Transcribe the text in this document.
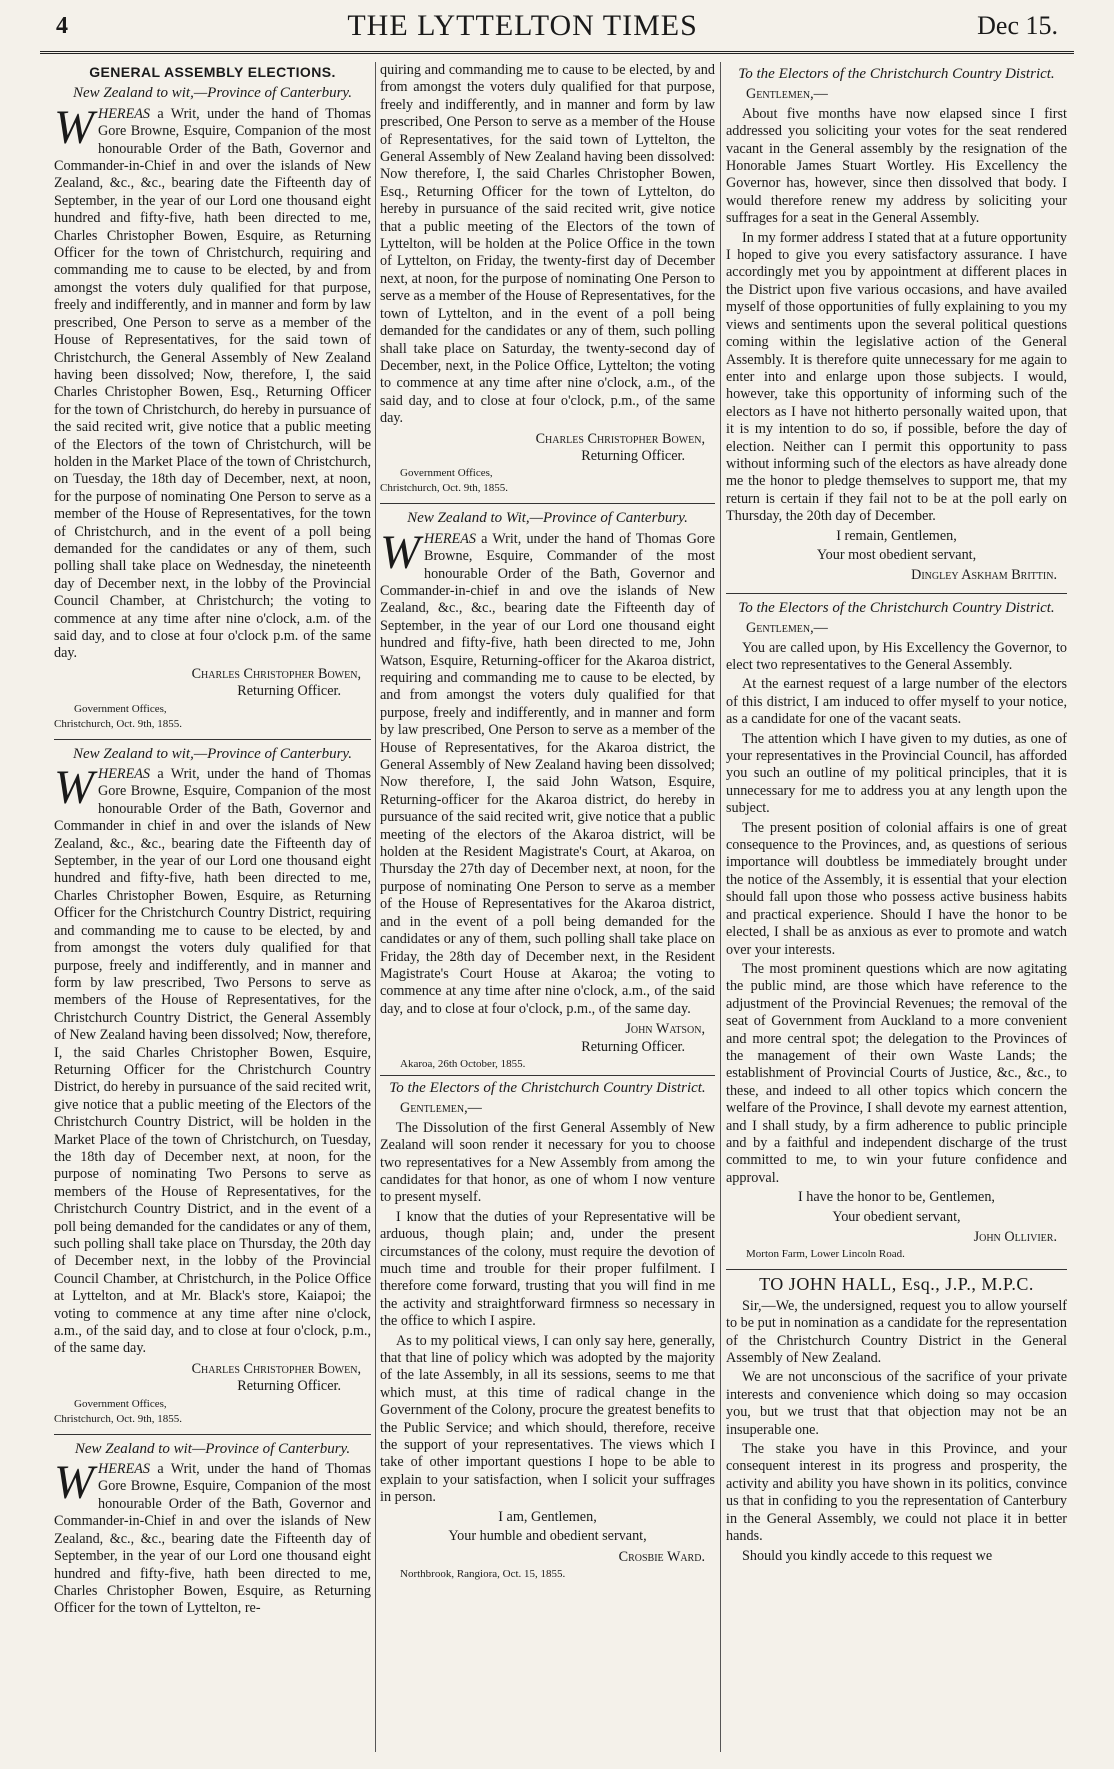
4	THE LYTTELTON TIMES	Dec 15.
GENERAL ASSEMBLY ELECTIONS.
New Zealand to wit,—Province of Canterbury.

WHEREAS a Writ, under the hand of Thomas Gore Browne, Esquire, Companion of the most honourable Order of the Bath, Governor and Commander-in-Chief in and over the islands of New Zealand, &c., &c., bearing date the Fifteenth day of September, in the year of our Lord one thousand eight hundred and fifty-five, hath been directed to me, Charles Christopher Bowen, Esquire, as Returning Officer for the town of Christchurch, requiring and commanding me to cause to be elected, by and from amongst the voters duly qualified for that purpose, freely and indifferently, and in manner and form by law prescribed, One Person to serve as a member of the House of Representatives, for the said town of Christchurch, the General Assembly of New Zealand having been dissolved; Now, therefore, I, the said Charles Christopher Bowen, Esq., Returning Officer for the town of Christchurch, do hereby in pursuance of the said recited writ, give notice that a public meeting of the Electors of the town of Christchurch, will be holden in the Market Place of the town of Christchurch, on Tuesday, the 18th day of December, next, at noon, for the purpose of nominating One Person to serve as a member of the House of Representatives, for the town of Christchurch, and in the event of a poll being demanded for the candidates or any of them, such polling shall take place on Wednesday, the nineteenth day of December next, in the lobby of the Provincial Council Chamber, at Christchurch; the voting to commence at any time after nine o'clock, a.m. of the said day, and to close at four o'clock p.m. of the same day.

Charles Christopher Bowen,
Returning Officer.
Government Offices,
Christchurch, Oct. 9th, 1855.
New Zealand to wit,—Province of Canterbury.

WHEREAS a Writ, under the hand of Thomas Gore Browne, Esquire, Companion of the most honourable Order of the Bath, Governor and Commander in chief in and over the islands of New Zealand, &c., &c., bearing date the Fifteenth day of September, in the year of our Lord one thousand eight hundred and fifty-five, hath been directed to me, Charles Christopher Bowen, Esquire, as Returning Officer for the Christchurch Country District, requiring and commanding me to cause to be elected, by and from amongst the voters duly qualified for that purpose, freely and indifferently, and in manner and form by law prescribed, Two Persons to serve as members of the House of Representatives, for the Christchurch Country District, the General Assembly of New Zealand having been dissolved; Now, therefore, I, the said Charles Christopher Bowen, Esquire, Returning Officer for the Christchurch Country District, do hereby in pursuance of the said recited writ, give notice that a public meeting of the Electors of the Christchurch Country District, will be holden in the Market Place of the town of Christchurch, on Tuesday, the 18th day of December next, at noon, for the purpose of nominating Two Persons to serve as members of the House of Representatives, for the Christchurch Country District, and in the event of a poll being demanded for the candidates or any of them, such polling shall take place on Thursday, the 20th day of December next, in the lobby of the Provincial Council Chamber, at Christchurch, in the Police Office at Lyttelton, and at Mr. Black's store, Kaiapoi; the voting to commence at any time after nine o'clock, a.m., of the said day, and to close at four o'clock, p.m., of the same day.

Charles Christopher Bowen,
Returning Officer.
Government Offices,
Christchurch, Oct. 9th, 1855.
New Zealand to wit—Province of Canterbury.

WHEREAS a Writ, under the hand of Thomas Gore Browne, Esquire, Companion of the most honourable Order of the Bath, Governor and Commander-in-Chief in and over the islands of New Zealand, &c., &c., bearing date the Fifteenth day of September, in the year of our Lord one thousand eight hundred and fifty-five, hath been directed to me, Charles Christopher Bowen, Esquire, as Returning Officer for the town of Lyttelton, re-

quiring and commanding me to cause to be elected, by and from amongst the voters duly qualified for that purpose, freely and indifferently, and in manner and form by law prescribed, One Person to serve as a member of the House of Representatives, for the said town of Lyttelton, the General Assembly of New Zealand having been dissolved: Now therefore, I, the said Charles Christopher Bowen, Esq., Returning Officer for the town of Lyttelton, do hereby in pursuance of the said recited writ, give notice that a public meeting of the Electors of the town of Lyttelton, will be holden at the Police Office in the town of Lyttelton, on Friday, the twenty-first day of December next, at noon, for the purpose of nominating One Person to serve as a member of the House of Representatives, for the town of Lyttelton, and in the event of a poll being demanded for the candidates or any of them, such polling shall take place on Saturday, the twenty-second day of December, next, in the Police Office, Lyttelton; the voting to commence at any time after nine o'clock, a.m., of the said day, and to close at four o'clock, p.m., of the same day.

Charles Christopher Bowen,
Returning Officer.
Government Offices,
Christchurch, Oct. 9th, 1855.
New Zealand to Wit,—Province of Canterbury.

WHEREAS a Writ, under the hand of Thomas Gore Browne, Esquire, Commander of the most honourable Order of the Bath, Governor and Commander-in-chief in and ove the islands of New Zealand, &c., &c., bearing date the Fifteenth day of September, in the year of our Lord one thousand eight hundred and fifty-five, hath been directed to me, John Watson, Esquire, Returning-officer for the Akaroa district, requiring and commanding me to cause to be elected, by and from amongst the voters duly qualified for that purpose, freely and indifferently, and in manner and form by law prescribed, One Person to serve as a member of the House of Representatives, for the Akaroa district, the General Assembly of New Zealand having been dissolved; Now therefore, I, the said John Watson, Esquire, Returning-officer for the Akaroa district, do hereby in pursuance of the said recited writ, give notice that a public meeting of the electors of the Akaroa district, will be holden at the Resident Magistrate's Court, at Akaroa, on Thursday the 27th day of December next, at noon, for the purpose of nominating One Person to serve as a member of the House of Representatives for the Akaroa district, and in the event of a poll being demanded for the candidates or any of them, such polling shall take place on Friday, the 28th day of December next, in the Resident Magistrate's Court House at Akaroa; the voting to commence at any time after nine o'clock, a.m., of the said day, and to close at four o'clock, p.m., of the same day.

John Watson,
Returning Officer.
Akaroa, 26th October, 1855.
To the Electors of the Christchurch Country District.
Gentlemen,—

The Dissolution of the first General Assembly of New Zealand will soon render it necessary for you to choose two representatives for a New Assembly from among the candidates for that honor, as one of whom I now venture to present myself.

I know that the duties of your Representative will be arduous, though plain; and, under the present circumstances of the colony, must require the devotion of much time and trouble for their proper fulfilment. I therefore come forward, trusting that you will find in me the activity and straightforward firmness so necessary in the office to which I aspire.

As to my political views, I can only say here, generally, that that line of policy which was adopted by the majority of the late Assembly, in all its sessions, seems to me that which must, at this time of radical change in the Government of the Colony, procure the greatest benefits to the Public Service; and which should, therefore, receive the support of your representatives. The views which I take of other important questions I hope to be able to explain to your satisfaction, when I solicit your suffrages in person.

I am, Gentlemen,
Your humble and obedient servant,
Crosbie Ward.
Northbrook, Rangiora, Oct. 15, 1855.
To the Electors of the Christchurch Country District.
Gentlemen,—

About five months have now elapsed since I first addressed you soliciting your votes for the seat rendered vacant in the General assembly by the resignation of the Honorable James Stuart Wortley. His Excellency the Governor has, however, since then dissolved that body. I would therefore renew my address by soliciting your suffrages for a seat in the General Assembly.

In my former address I stated that at a future opportunity I hoped to give you every satisfactory assurance. I have accordingly met you by appointment at different places in the District upon five various occasions, and have availed myself of those opportunities of fully explaining to you my views and sentiments upon the several political questions coming within the legislative action of the General Assembly. It is therefore quite unnecessary for me again to enter into and enlarge upon those subjects. I would, however, take this opportunity of informing such of the electors as I have not hitherto personally waited upon, that it is my intention to do so, if possible, before the day of election. Neither can I permit this opportunity to pass without informing such of the electors as have already done me the honor to pledge themselves to support me, that my return is certain if they fail not to be at the poll early on Thursday, the 20th day of December.

I remain, Gentlemen,
Your most obedient servant,
Dingley Askham Brittin.
To the Electors of the Christchurch Country District.
Gentlemen,—

You are called upon, by His Excellency the Governor, to elect two representatives to the General Assembly.

At the earnest request of a large number of the electors of this district, I am induced to offer myself to your notice, as a candidate for one of the vacant seats.

The attention which I have given to my duties, as one of your representatives in the Provincial Council, has afforded you such an outline of my political principles, that it is unnecessary for me to address you at any length upon the subject.

The present position of colonial affairs is one of great consequence to the Provinces, and, as questions of serious importance will doubtless be immediately brought under the notice of the Assembly, it is essential that your election should fall upon those who possess active business habits and practical experience. Should I have the honor to be elected, I shall be as anxious as ever to promote and watch over your interests.

The most prominent questions which are now agitating the public mind, are those which have reference to the adjustment of the Provincial Revenues; the removal of the seat of Government from Auckland to a more convenient and more central spot; the delegation to the Provinces of the management of their own Waste Lands; the establishment of Provincial Courts of Justice, &c., &c., to these, and indeed to all other topics which concern the welfare of the Province, I shall devote my earnest attention, and I shall study, by a firm adherence to public principle and by a faithful and independent discharge of the trust committed to me, to win your future confidence and approval.

I have the honor to be, Gentlemen,
Your obedient servant,
John Ollivier.
Morton Farm, Lower Lincoln Road.
TO JOHN HALL, Esq., J.P., M.P.C.

Sir,—We, the undersigned, request you to allow yourself to be put in nomination as a candidate for the representation of the Christchurch Country District in the General Assembly of New Zealand.

We are not unconscious of the sacrifice of your private interests and convenience which doing so may occasion you, but we trust that that objection may not be an insuperable one.

The stake you have in this Province, and your consequent interest in its progress and prosperity, the activity and ability you have shown in its politics, convince us that in confiding to you the representation of Canterbury in the General Assembly, we could not place it in better hands.

Should you kindly accede to this request we
